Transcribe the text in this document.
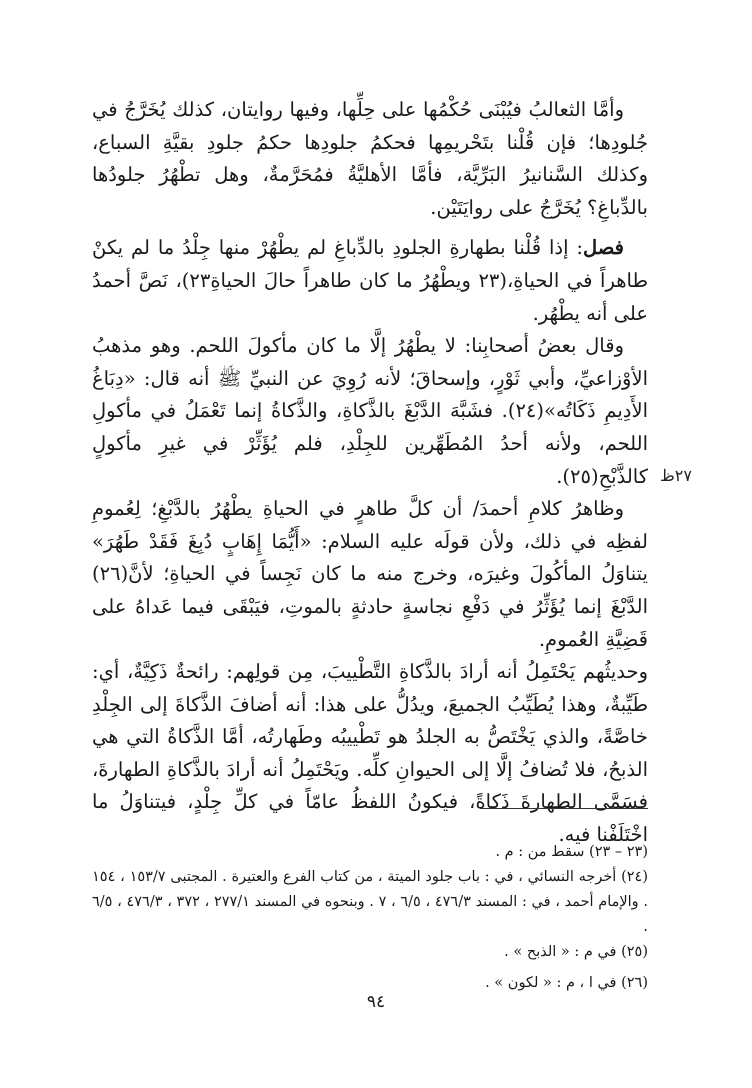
وأمَّا الثعالبُ فيُبْنَى حُكْمُها على حِلِّها، وفيها روايتان، كذلك يُخَرَّجُ في جُلودِها؛ فإن قُلْنا بتَحْريمِها فحكمُ جلودِها حكمُ جلودِ بقيَّةِ السباع، وكذلك السَّنانيرُ البَرِّيَّة، فأمَّا الأهليَّةُ فمُحَرَّمةٌ، وهل تطْهُرُ جلودُها بالدِّباغِ؟ يُخَرَّجُ على روايَتَيْن.

فصل: إذا قُلْنا بطهارةِ الجلودِ بالدِّباغِ لم يطْهُرْ منها جِلْدُ ما لم يكنْ طاهراً في الحياةِ،(٢٣ ويطْهُرُ ما كان طاهراً حالَ الحياةِ٢٣)، نَصَّ أحمدُ على أنه يطْهُر.

وقال بعضُ أصحابِنا: لا يطْهُرُ إلَّا ما كان مأكولَ اللحم. وهو مذهبُ الأوْزاعيِّ، وأبي ثَوْرٍ، وإسحاقَ؛ لأنه رُوِيَ عن النبيِّ ﷺ أنه قال: «دِبَاغُ الأَدِيمِ ذَكَاتُه»(٢٤). فشَبَّهَ الدَّبْغَ بالذَّكاةِ، والذَّكاةُ إنما تَعْمَلُ في مأكولِ اللحم، ولأنه أحدُ المُطَهِّرين للجِلْدِ، فلم يُؤَثِّرْ في غيرِ مأكولٍ كالذَّبْحِ(٢٥).

وظاهرُ كلامِ أحمدَ/ أن كلَّ طاهرٍ في الحياةِ يطْهُرُ بالدَّبْغِ؛ لِعُمومِ لفظِه في ذلك، ولأن قولَه عليه السلام: «أَيُّمَا إِهَابٍ دُبِغَ فَقَدْ طَهُرَ» يتناوَلُ المأكُولَ وغيرَه، وخرج منه ما كان نَجِساً في الحياةِ؛ لأنَّ(٢٦) الدَّبْغَ إنما يُؤَثِّرُ في دَفْعِ نجاسةٍ حادثةٍ بالموتِ، فيَبْقَى فيما عَداهُ على قَضِيَّةِ العُمومِ.

وحديثُهم يَحْتَمِلُ أنه أرادَ بالذَّكاةِ التَّطْييبَ، مِن قولِهم: رائحةٌ ذَكِيَّةٌ، أي: طَيِّبةٌ، وهذا يُطَيِّبُ الجميعَ، ويدُلُّ على هذا: أنه أضافَ الذَّكاةَ إلى الجِلْدِ خاصَّةً، والذي يَخْتَصُّ به الجلدُ هو تَطْييبُه وطَهارتُه، أمَّا الذَّكاةُ التي هي الذبحُ، فلا تُضافُ إلَّا إلى الحيوانِ كلِّه. ويَحْتَمِلُ أنه أرادَ بالذَّكاةِ الطهارةَ، فسَمَّى الطهارةَ ذَكاةً، فيكونُ اللفظُ عامّاً في كلِّ جِلْدٍ، فيتناوَلُ ما اخْتَلَفْنا فيه.

٢٧ظ

(٢٣ – ٢٣) سقط من : م .

(٢٤) أخرجه النسائي ، في : باب جلود الميتة ، من كتاب الفرع والعتيرة . المجتبى ١٥٣/٧ ، ١٥٤ . والإمام أحمد ، في : المسند ٤٧٦/٣ ، ٦/٥ ، ٧ . وبنحوه في المسند ٢٧٧/١ ، ٣٧٢ ، ٤٧٦/٣ ، ٦/٥ .

(٢٥) في م : « الذبح » .

(٢٦) في ا ، م : « لكون » .

٩٤
